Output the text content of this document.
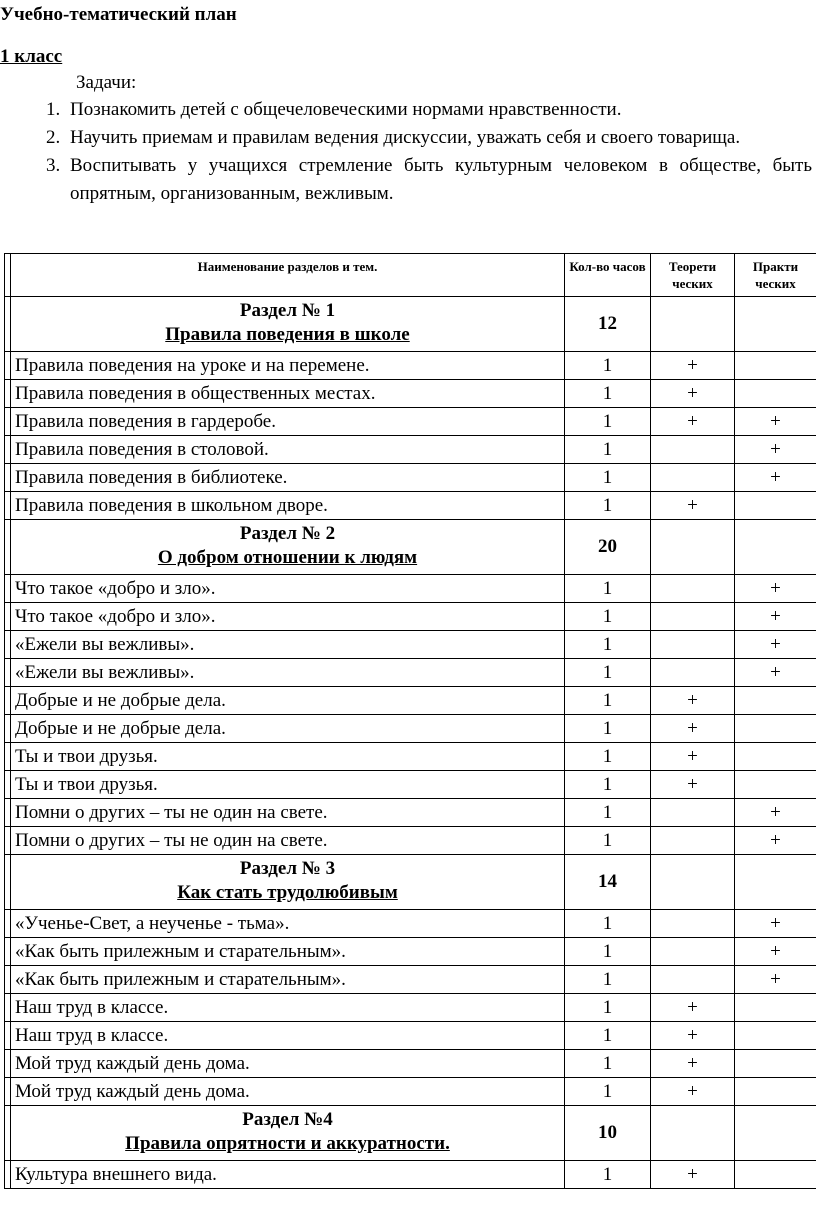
Учебно-тематический план
1 класс
Задачи:
1. Познакомить детей с общечеловеческими нормами нравственности.
2. Научить приемам и правилам ведения дискуссии, уважать себя и своего товарища.
3. Воспитывать у учащихся стремление быть культурным человеком в обществе, быть опрятным, организованным, вежливым.
	Наименование разделов и тем.	Кол-во часов	Теорети ческих	Практи ческих

	Раздел № 1
Правила поведения в школе	12		
	Правила поведения на уроке и на перемене.	1	+	
	Правила поведения в общественных местах.	1	+	
	Правила поведения в гардеробе.	1	+	+
	Правила поведения в столовой.	1		+
	Правила поведения в библиотеке.	1		+
	Правила поведения в школьном дворе.	1	+	

	Раздел № 2
О добром отношении к людям	20		
	Что такое «добро и зло».	1		+
	Что такое «добро и зло».	1		+
	«Ежели вы вежливы».	1		+
	«Ежели вы вежливы».	1		+
	Добрые и не добрые дела.	1	+	
	Добрые и не добрые дела.	1	+	
	Ты и твои друзья.	1	+	
	Ты и твои друзья.	1	+	
	Помни о других – ты не один на свете.	1		+
	Помни о других – ты не один на свете.	1		+

	Раздел № 3
Как стать трудолюбивым	14		
	«Ученье-Свет, а неученье - тьма».	1		+
	«Как быть прилежным и старательным».	1		+
	«Как быть прилежным и старательным».	1		+
	Наш труд в классе.	1	+	
	Наш труд в классе.	1	+	
	Мой труд каждый день дома.	1	+	
	Мой труд каждый день дома.	1	+	

	Раздел №4
Правила опрятности и аккуратности.	10		
	Культура внешнего вида.	1	+	
